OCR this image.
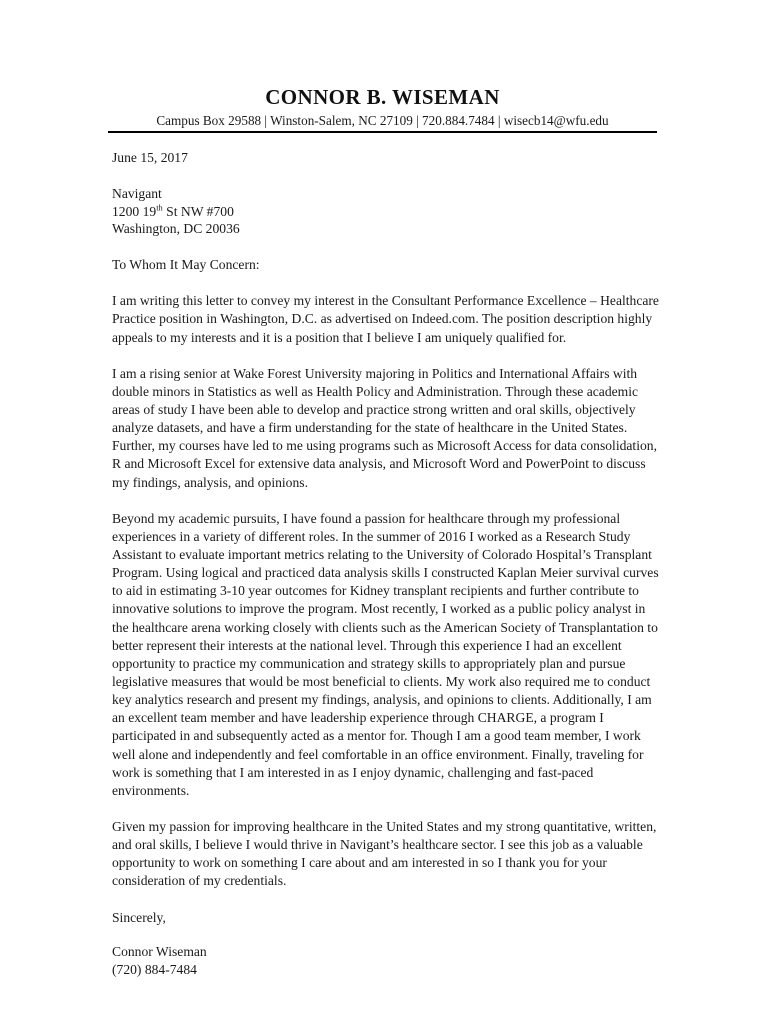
CONNOR B. WISEMAN
Campus Box 29588 | Winston-Salem, NC 27109 | 720.884.7484 | wisecb14@wfu.edu
June 15, 2017
Navigant
1200 19th St NW #700
Washington, DC 20036
To Whom It May Concern:

I am writing this letter to convey my interest in the Consultant Performance Excellence – Healthcare Practice position in Washington, D.C. as advertised on Indeed.com. The position description highly appeals to my interests and it is a position that I believe I am uniquely qualified for.

I am a rising senior at Wake Forest University majoring in Politics and International Affairs with double minors in Statistics as well as Health Policy and Administration. Through these academic areas of study I have been able to develop and practice strong written and oral skills, objectively analyze datasets, and have a firm understanding for the state of healthcare in the United States. Further, my courses have led to me using programs such as Microsoft Access for data consolidation, R and Microsoft Excel for extensive data analysis, and Microsoft Word and PowerPoint to discuss my findings, analysis, and opinions.

Beyond my academic pursuits, I have found a passion for healthcare through my professional experiences in a variety of different roles. In the summer of 2016 I worked as a Research Study Assistant to evaluate important metrics relating to the University of Colorado Hospital’s Transplant Program. Using logical and practiced data analysis skills I constructed Kaplan Meier survival curves to aid in estimating 3-10 year outcomes for Kidney transplant recipients and further contribute to innovative solutions to improve the program. Most recently, I worked as a public policy analyst in the healthcare arena working closely with clients such as the American Society of Transplantation to better represent their interests at the national level. Through this experience I had an excellent opportunity to practice my communication and strategy skills to appropriately plan and pursue legislative measures that would be most beneficial to clients. My work also required me to conduct key analytics research and present my findings, analysis, and opinions to clients. Additionally, I am an excellent team member and have leadership experience through CHARGE, a program I participated in and subsequently acted as a mentor for. Though I am a good team member, I work well alone and independently and feel comfortable in an office environment. Finally, traveling for work is something that I am interested in as I enjoy dynamic, challenging and fast-paced environments.

Given my passion for improving healthcare in the United States and my strong quantitative, written, and oral skills, I believe I would thrive in Navigant’s healthcare sector. I see this job as a valuable opportunity to work on something I care about and am interested in so I thank you for your consideration of my credentials.

Sincerely,
Connor Wiseman
(720) 884-7484
